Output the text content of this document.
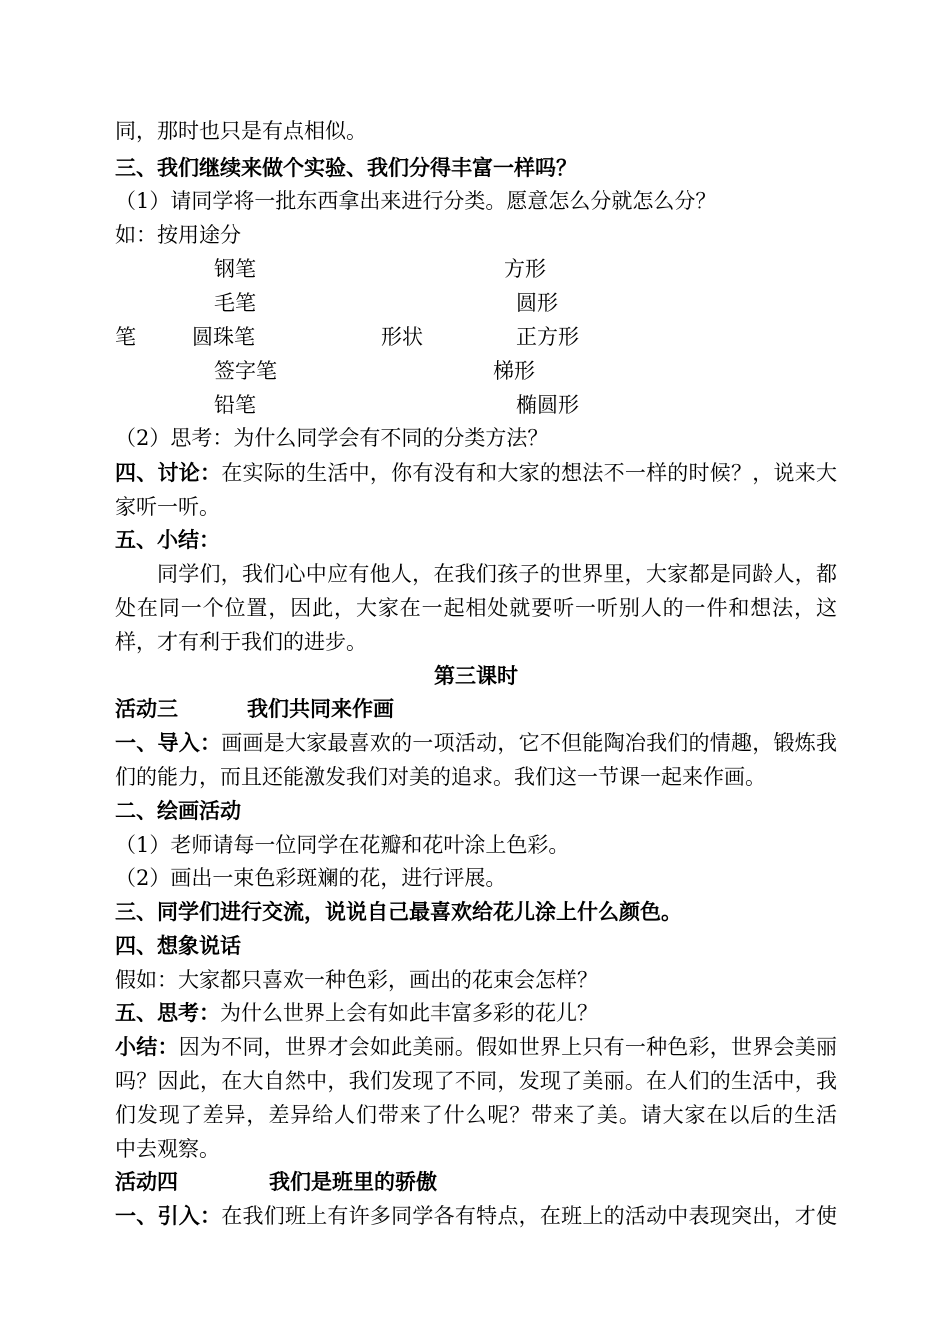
同，那时也只是有点相似。
三、我们继续来做个实验、我们分得丰富一样吗？
（1）请同学将一批东西拿出来进行分类。愿意怎么分就怎么分？
如：按用途分
钢笔	方形
毛笔	圆形
笔	圆珠笔	形状	正方形
签字笔	梯形
铅笔	椭圆形
（2）思考：为什么同学会有不同的分类方法？
四、讨论：在实际的生活中，你有没有和大家的想法不一样的时候？，说来大
家听一听。
五、小结：
同学们，我们心中应有他人，在我们孩子的世界里，大家都是同龄人，都
处在同一个位置，因此，大家在一起相处就要听一听别人的一件和想法，这
样，才有利于我们的进步。
第三课时
活动三	我们共同来作画
一、导入：画画是大家最喜欢的一项活动，它不但能陶冶我们的情趣，锻炼我
们的能力，而且还能激发我们对美的追求。我们这一节课一起来作画。
二、绘画活动
（1）老师请每一位同学在花瓣和花叶涂上色彩。
（2）画出一束色彩斑斓的花，进行评展。
三、同学们进行交流，说说自己最喜欢给花儿涂上什么颜色。
四、想象说话
假如：大家都只喜欢一种色彩，画出的花束会怎样？
五、思考：为什么世界上会有如此丰富多彩的花儿？
小结：因为不同，世界才会如此美丽。假如世界上只有一种色彩，世界会美丽
吗？因此，在大自然中，我们发现了不同，发现了美丽。在人们的生活中，我
们发现了差异，差异给人们带来了什么呢？带来了美。请大家在以后的生活
中去观察。
活动四	我们是班里的骄傲
一、引入：在我们班上有许多同学各有特点，在班上的活动中表现突出，才使
